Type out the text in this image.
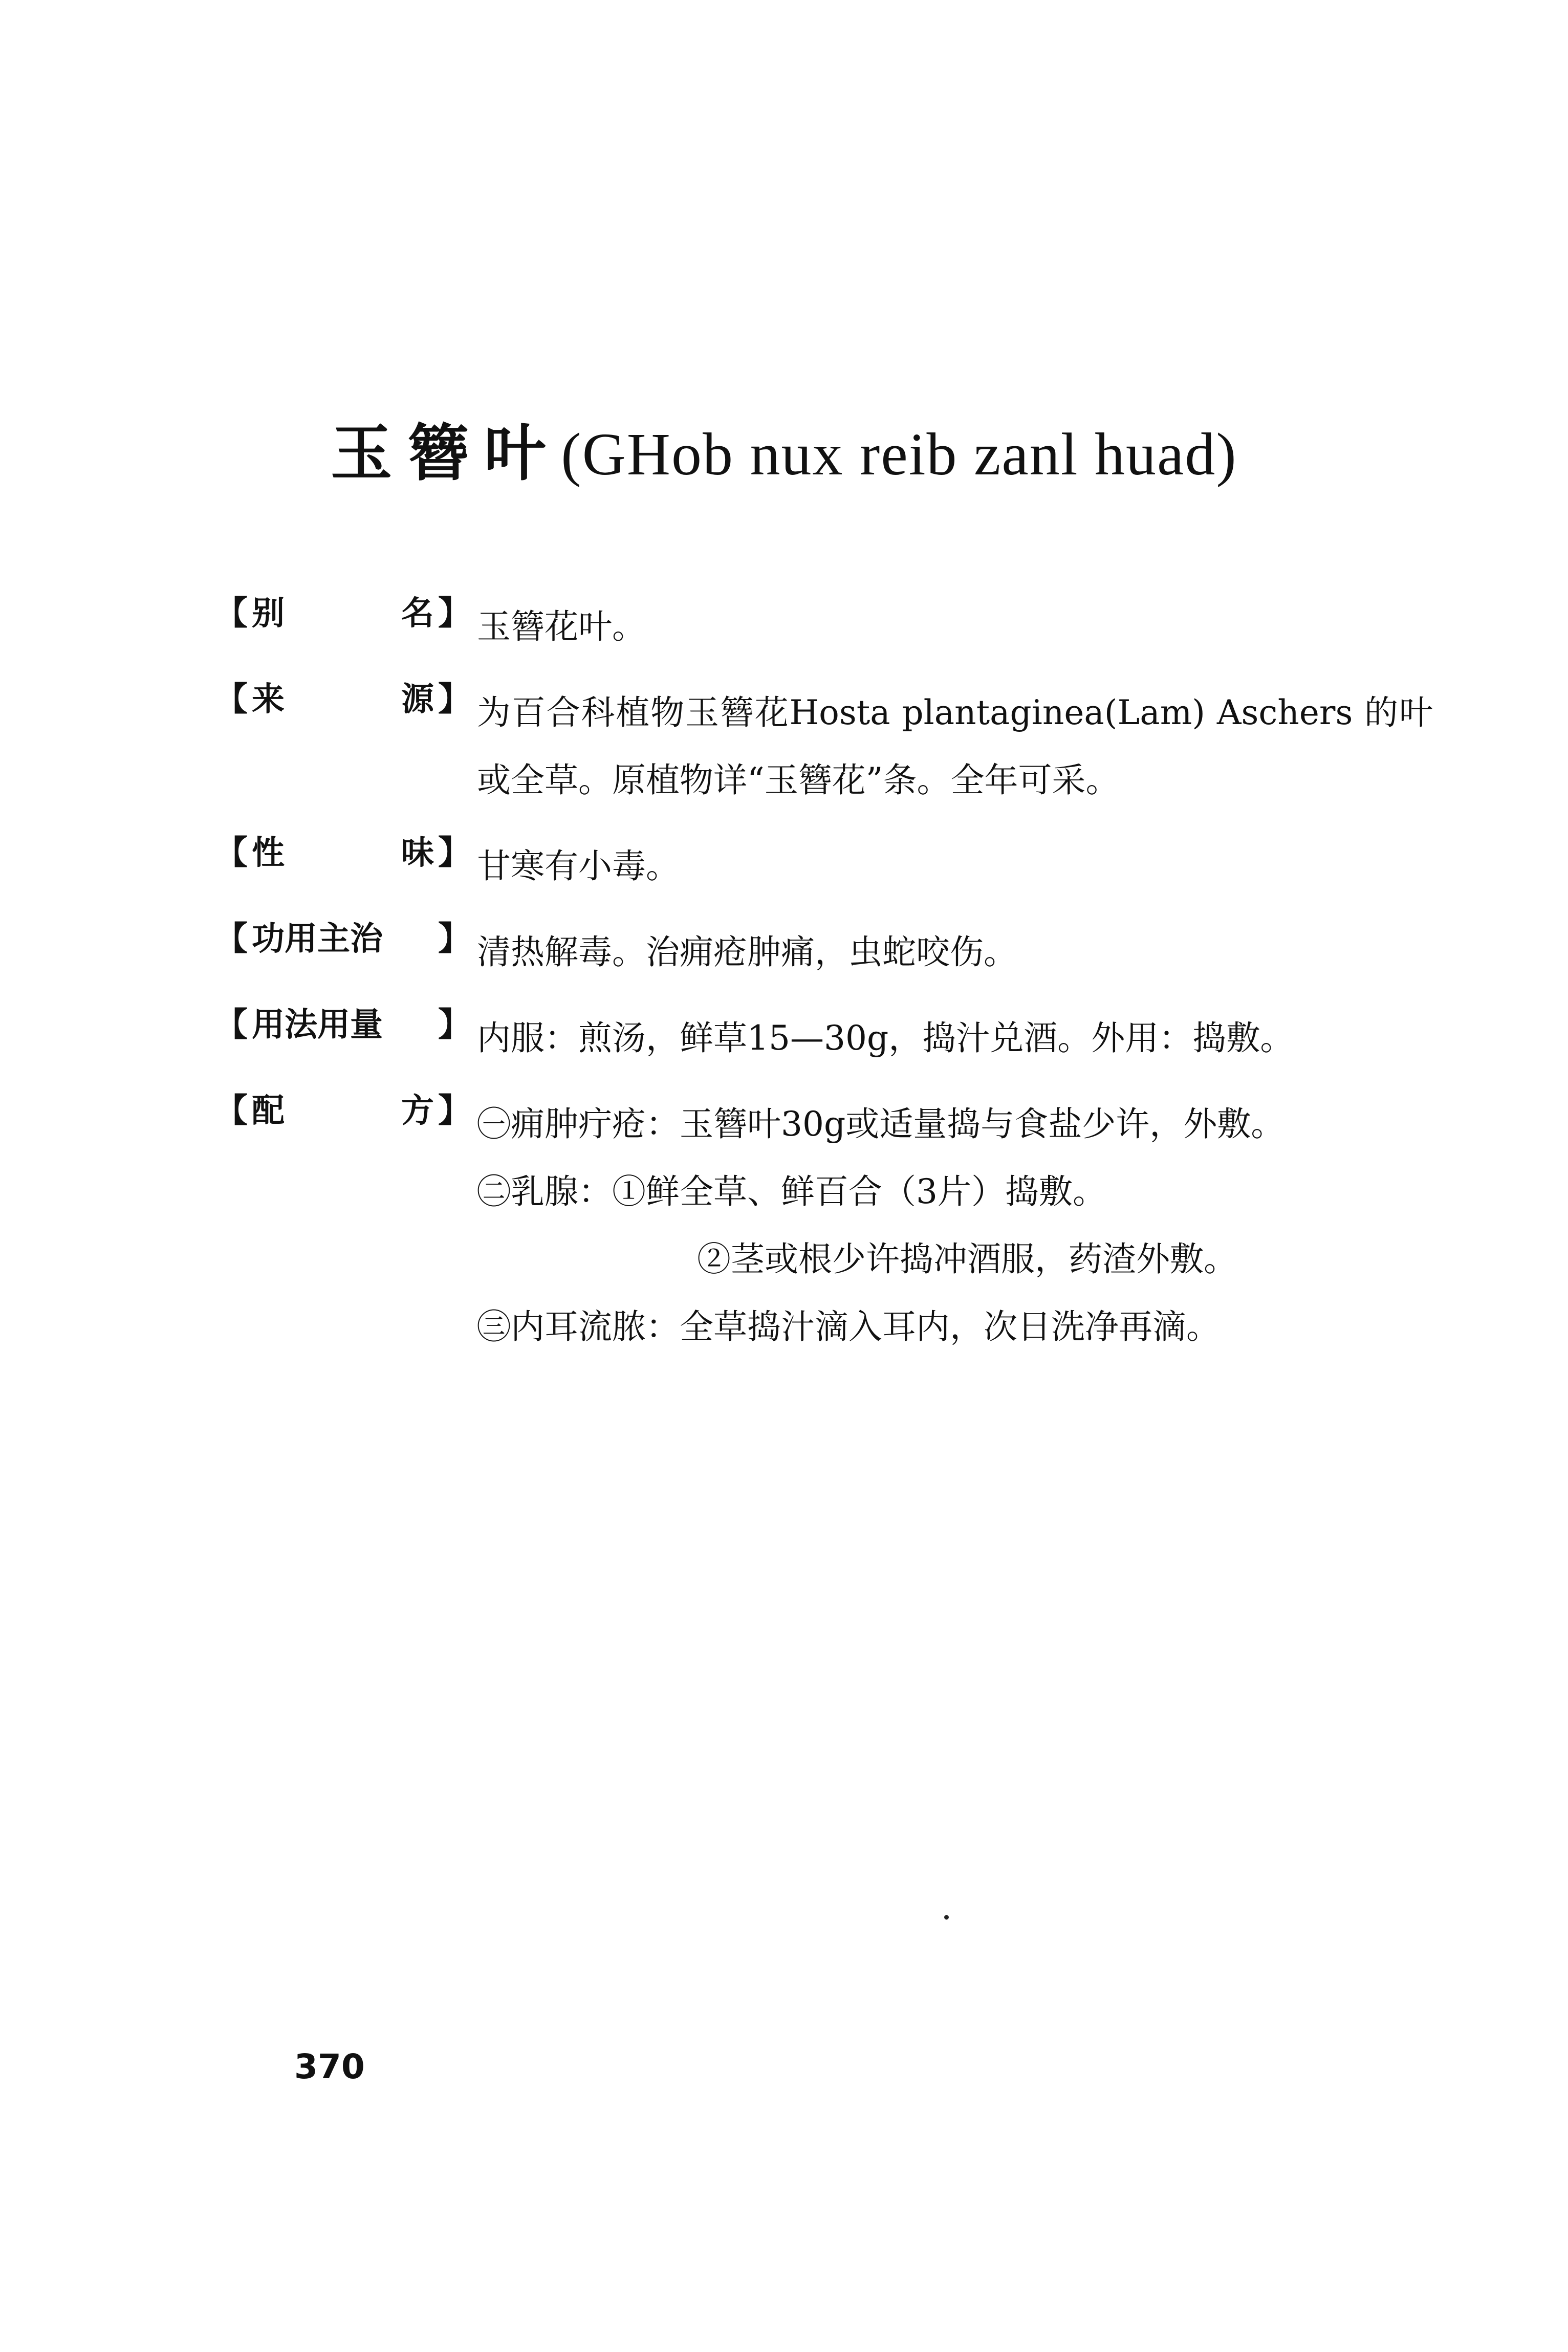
玉簪叶(GHob nux reib zanl huad)
【 别	名 】 玉簪花叶。

【 来	源 】 为百合科植物玉簪花Hosta plantaginea(Lam) Aschers 的叶或全草。原植物详“玉簪花”条。全年可采。

【 性	味 】 甘寒有小毒。

【 功用主治 】 清热解毒。治痈疮肿痛，虫蛇咬伤。

【 用法用量 】 内服：煎汤，鲜草15—30g，捣汁兑酒。外用：捣敷。

【 配	方 】 ㊀痈肿疔疮：玉簪叶30g或适量捣与食盐少许，外敷。

㊁乳腺：①鲜全草、鲜百合（3片）捣敷。

②茎或根少许捣冲酒服，药渣外敷。

㊂内耳流脓：全草捣汁滴入耳内，次日洗净再滴。

370
